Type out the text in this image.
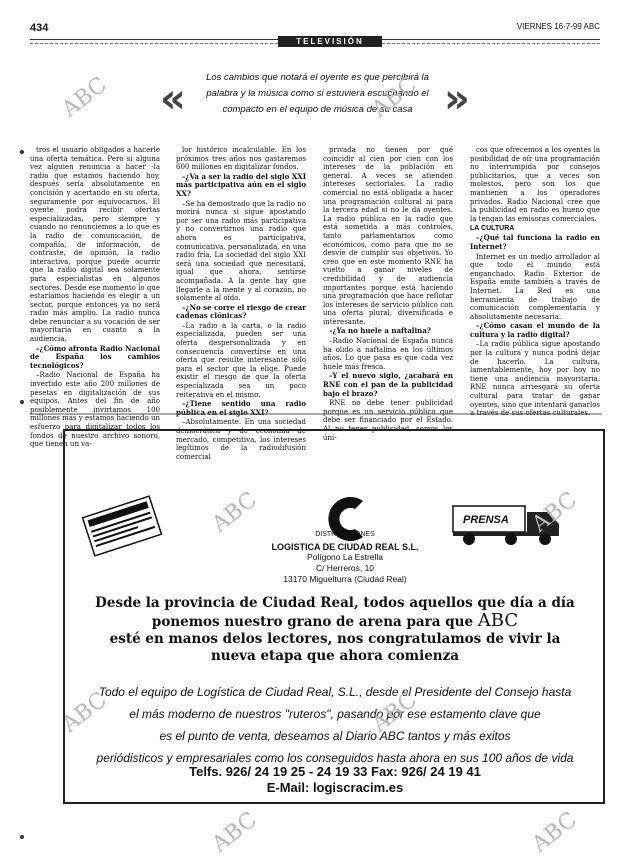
434
TELEVISIÓN
VIERNES 16-7-99 ABC
«	Los cambios que notará el oyente es que percibirá la palabra y la música como si estuviera escuchando el compacto en el equipo de música de su casa »

tros el usuario obligados a hacerle una oferta temática. Pero si alguna vez alguien renuncia a hacer -la radio que estamos haciendo hoy, después sería absolutamente en concisión y acertando en su oferta, seguramente por equivocarnos. El oyente podrá recibir ofertas especializadas, pero siempre y cuando no renunciemos a lo que es la radio de comunicación, de compañía, de información, de contraste, de opinión, la radio interactiva, porque puede ocurrir que la radio digital sea solamente para especialistas en algunos sectores. Desde ese momento lo que estaríamos haciendo es elegir a un sector, porque entonces ya no será radio más amplio. La radio nunca debe renunciar a su vocación de ser mayoritaria en cuanto a la audiencia.

–¿Cómo afronta Radio Nacional de España los cambios tecnológicos?

–Radio Nacional de España ha invertido este año 200 millones de pesetas en digitalización de sus equipos. Antes del fin de año posiblemente invirtamos 100 millones más y estamos haciendo un esfuerzo para digitalizar todos los fondos de nuestro archivo sonoro, que tienen un va-

lor histórico incalculable. En los próximos tres años nos gastaremos 600 millones en digitalizar fondos.

–¿Va a ser la radio del siglo XXI más participativa aún en el siglo XX?

–Se ha demostrado que la radio no morirá nunca si sigue apostando por ser una radio más participativa y no convertirnos una radio que ahora es participativa, comunicativa, personalizada, en una radio fría. La sociedad del siglo XXI será una sociedad que necesitará, igual que ahora, sentirse acompañada. A la gente hay que llegarle a la mente y al corazón, no solamente al oído.

–¿No se corre el riesgo de crear cadenas clónicas?

–La radio a la carta, o la radio especializada, pueden ser una oferta despersonalizada y en consecuencia convertirse en una oferta que resulte interesante sólo para el sector que la elige. Puede existir el riesgo de que la oferta especializada sea un poco reiterativa en el mismo.

–¿Tiene sentido una radio pública en el siglo XXI?

–Absolutamente. En una sociedad democrática y de economía de mercado, competitiva, los intereses legítimos de la radiodifusión comercial

privada no tienen por qué coincidir al cien por cien con los intereses de la población en general. A veces se atienden intereses sectoriales. La radio comercial no está obligada a hacer una programación cultural ni para la tercera edad si no le da oyentes. La radio pública en la radio que está sometida a más controles, tanto parlamentarios como económicos, como para que no se desvíe de cumplir sus objetivos. Yo creo que en este momento RNE ha vuelto a ganar niveles de credibilidad y de audiencia importantes porque está haciendo una programación que hace reflotar los intereses de servicio público con una oferta plural, diversificada e interesante.

–¿Ya no huele a naftalina?

–Radio Nacional de España nunca ha olido a naftalina en los últimos años. Lo que pasa es que cada vez huele más fresca.

–Y el nuevo siglo, ¿acabará en RNE con el pan de la publicidad bajo el brazo?

RNE no debe tener publicidad porque es un servicio público que debe ser financiado por el Estado. Al no tener publicidad, somos los úni-

cos que ofrecemos a los oyentes la posibilidad de oír una programación no interrumpida por consejos publicitarios, que a veces son molestos, pero son los que mantienen a los operadores privados. Radio Nacional cree que la publicidad en radio es bueno que la tengan las emisoras comerciales.

LA CULTURA

–¿Qué tal funciona la radio en Internet?

Internet es un medio arrollador al que todo el mundo está enganchado. Radio Exterior de España emite también a través de Internet. La Red es una herramienta de trabajo de comunicación complementaria y absolutamente necesaria.

–¿Cómo casan el mundo de la cultura y la radio digital?

–La radio pública sigue apostando por la cultura y nunca podrá dejar de hacerlo. La cultura, lamentablemente, hoy por hoy no tiene una audiencia mayoritaria. RNE nunca arriesgará su oferta cultural para tratar de ganar oyentes, sino que intentará ganarlos a través de sus ofertas culturales.

DISTRIBUCIONES
LOGISTICA DE CIUDAD REAL S.L.
Polígono La Estrella
C/ Herreros, 10
13170 Miguelturra (Ciudad Real)
PRENSA
Desde la provincia de Ciudad Real, todos aquellos que día a día
ponemos nuestro grano de arena para que ABC
esté en manos delos lectores, nos congratulamos de vivir la
nueva etapa que ahora comienza
Todo el equipo de Logística de Ciudad Real, S.L., desde el Presidente del Consejo hasta
el más moderno de nuestros "ruteros", pasando por ese estamento clave que
es el punto de venta, deseamos al Diario ABC tantos y más exitos
periódisticos y empresariales como los conseguidos hasta ahora en sus 100 años de vida
Telfs. 926/ 24 19 25 - 24 19 33 Fax: 926/ 24 19 41
E-Mail: logiscracim.es
ABC	ABC
ABC	ABC
ABC	ABC
ABC	ABC
